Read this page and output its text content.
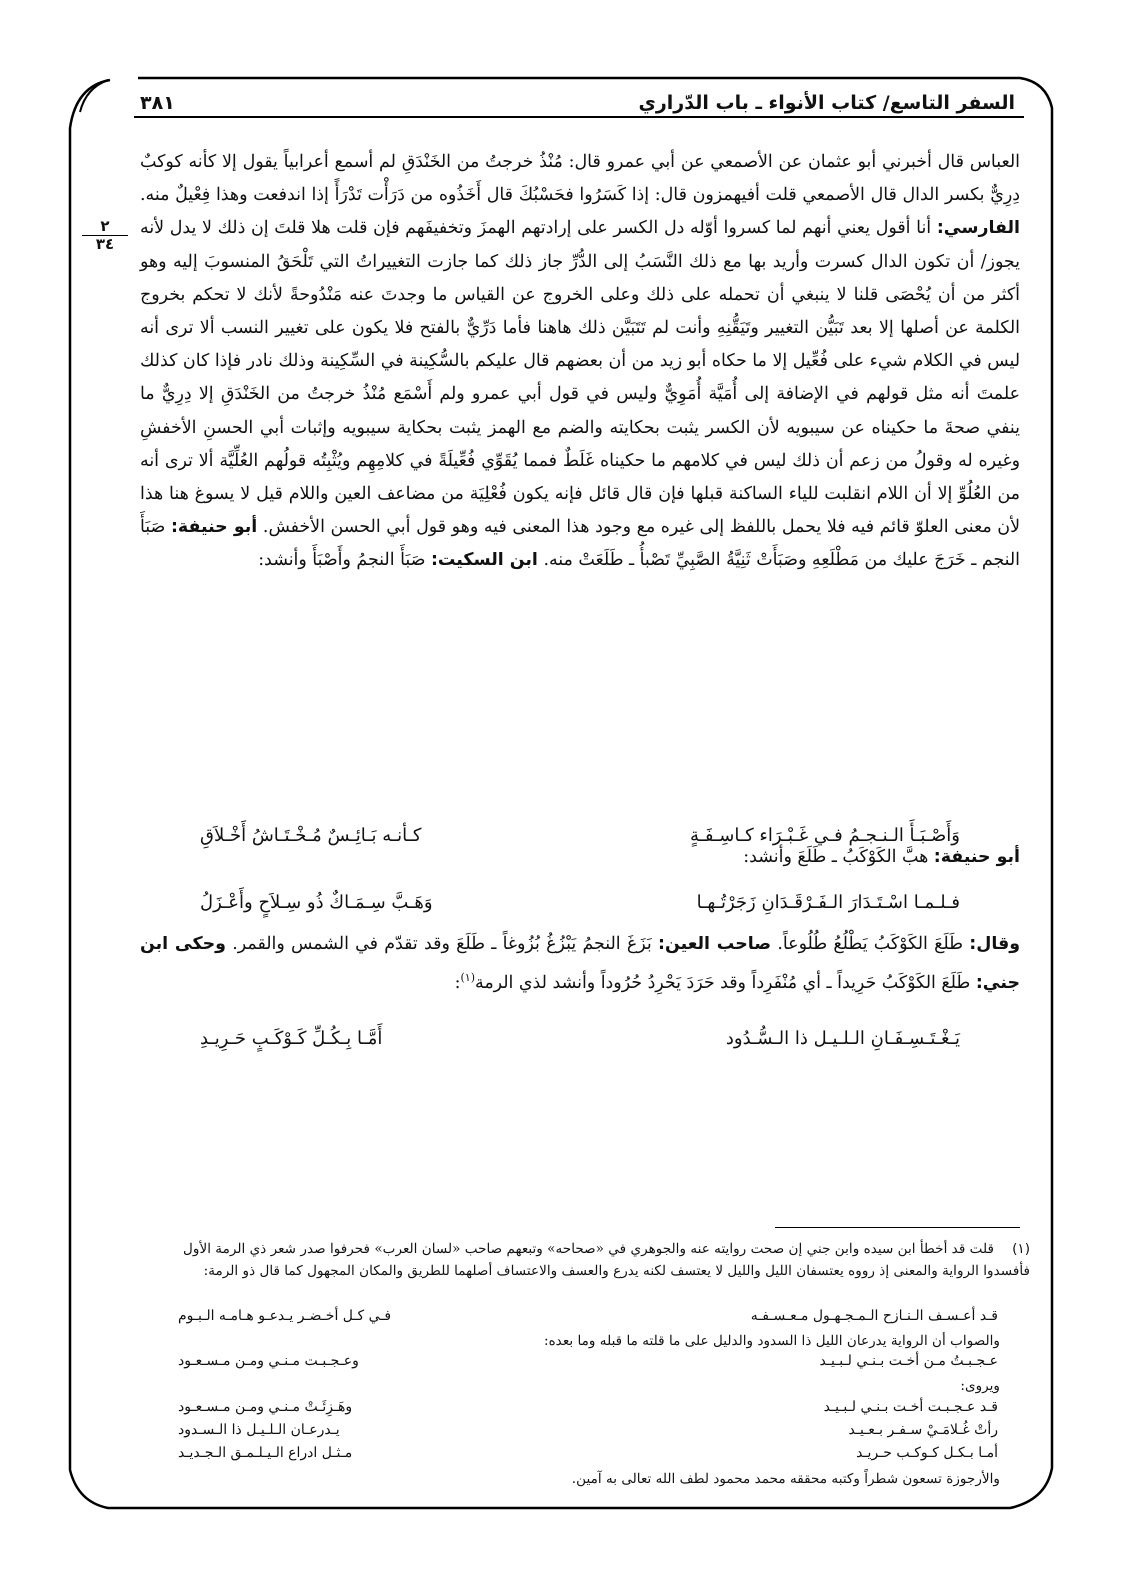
السفر التاسع/ كتاب الأنواء ـ باب الدّراري
٣٨١
٢
٣٤
العباس قال أخبرني أبو عثمان عن الأصمعي عن أبي عمرو قال: مُنْذُ خرجتُ من الخَنْدَقِ لم أسمع أعرابياً يقول إلا كأنه كوكبٌ دِرِيٌّ بكسر الدال قال الأصمعي قلت أفيهمزون قال: إذا كَسَرُوا فحَسْبُكَ قال أَخَذُوه من دَرَأْت تَدْرَأً إذا اندفعت وهذا فِعْيلٌ منه. الفارسي: أنا أقول يعني أنهم لما كسروا أوّله دل الكسر على إرادتهم الهمزَ وتخفيفَهم فإن قلت هلا قلتَ إن ذلك لا يدل لأنه يجوز/ أن تكون الدال كسرت وأريد بها مع ذلك النَّسَبُ إلى الدُّرِّ جاز ذلك كما جازت التغييراتُ التي تَلْحَقُ المنسوبَ إليه وهو أكثر من أن يُحْصَى قلنا لا ينبغي أن تحمله على ذلك وعلى الخروج عن القياس ما وجدتَ عنه مَنْدُوحةً لأنك لا تحكم بخروج الكلمة عن أصلها إلا بعد تَبَيُّن التغيير وتَيَقُّنِهِ وأنت لم تَتَبَيَّن ذلك هاهنا فأما دَرِّيٌّ بالفتح فلا يكون على تغيير النسب ألا ترى أنه ليس في الكلام شيء على فُعِّيل إلا ما حكاه أبو زيد من أن بعضهم قال عليكم بالسُّكِينة في السِّكِينة وذلك نادر فإذا كان كذلك علمتَ أنه مثل قولهم في الإضافة إلى أُمَيَّة أُمَوِيٌّ وليس في قول أبي عمرو ولم أَسْمَع مُنْذُ خرجتُ من الخَنْدَقِ إلا دِرِيٌّ ما ينفي صحةَ ما حكيناه عن سيبويه لأن الكسر يثبت بحكايته والضم مع الهمز يثبت بحكاية سيبويه وإثبات أبي الحسنِ الأخفشِ وغيره له وقولُ من زعم أن ذلك ليس في كلامهم ما حكيناه غَلَطٌ فمما يُقَوِّي فُعِّيلَةً في كلامِهِم ويُثْبِتُه قولُهم العُلِّيَّة ألا ترى أنه من العُلُوِّ إلا أن اللام انقلبت للياء الساكنة قبلها فإن قال قائل فإنه يكون فُعْلِيَة من مضاعف العين واللام قيل لا يسوغ هنا هذا لأن معنى العلوّ قائم فيه فلا يحمل باللفظ إلى غيره مع وجود هذا المعنى فيه وهو قول أبي الحسن الأخفش. أبو حنيفة: صَبَأَ النجم ـ خَرَجَ عليك من مَطْلَعِهِ وصَبَأَتْ ثَنِيَّةُ الصَّبِيِّ تَصْبأُ ـ طَلَعَتْ منه. ابن السكيت: صَبَأَ النجمُ وأَصْبَأَ وأنشد:
وَأَصْـبَـأَ الـنـجـمُ فـي غَـبْـرَاء كـاسِـفَـةٍ
كـأنـه بَـائِـسٌ مُـخْـتَـاشُ أَخْـلاَقِ
أبو حنيفة: هبَّ الكَوْكَبُ ـ طَلَعَ وأنشد:
فـلـمـا اسْـتَـدَارَ الـفَـرْقَـدَانِ زَجَرْتُـهـا
وَهَـبَّ سِـمَـاكٌ ذُو سِـلاَحٍ وأَعْـزَلُ
وقال: طَلَعَ الكَوْكَبُ يَطْلُعُ طُلُوعاً. صاحب العين: بَزَغَ النجمُ يَبْزُغُ بُزُوغاً ـ طَلَعَ وقد تقدّم في الشمس والقمر. وحكى ابن جني: طَلَعَ الكَوْكَبُ حَرِيداً ـ أي مُنْفَرِداً وقد حَرَدَ يَحْرِدُ حُرُوداً وأنشد لذي الرمة$^{(١)}$:
يَـغْـتَـسِـفَـانِ الـلـيـل ذا الـسُّـدُود
أَمَّـا بِـكُـلِّ كَـوْكَـبٍ حَـرِيـدِ
(١)قلت قد أخطأ ابن سيده وابن جني إن صحت روايته عنه والجوهري في «صحاحه» وتبعهم صاحب «لسان العرب» فحرفوا صدر شعر ذي الرمة الأول فأفسدوا الرواية والمعنى إذ رووه يعتسفان الليل والليل لا يعتسف لكنه يدرع والعسف والاعتساف أصلهما للطريق والمكان المجهول كما قال ذو الرمة:
قـد أعـسـف الـنـازح الـمـجـهـول مـعـسـفـه
فـي كـل أخـضـر يـدعـو هـامـه الـبـوم
والصواب أن الرواية يدرعان الليل ذا السدود والدليل على ما قلته ما قبله وما بعده:
عـجـبـتُ مـن أخـت بـنـي لـبـيـد
وعـجـبـت مـنـي ومـن مـسـعـود
ويروى:
قـد عـجـبـت أخـت بـنـي لـبـيـد
وهَـزِئَـتْ مـنـي ومـن مـسـعـود
رأتْ غُـلامَـيْ سـفـر بـعـيـد
يـدرعـان الـلـيـل ذا الـسـدود
أمـا بـكـل كـوكـب حـريـد
مـثـل ادراع الـيـلـمـق الـجـديـد
والأرجوزة تسعون شطراً وكتبه محققه محمد محمود لطف الله تعالى به آمين.
